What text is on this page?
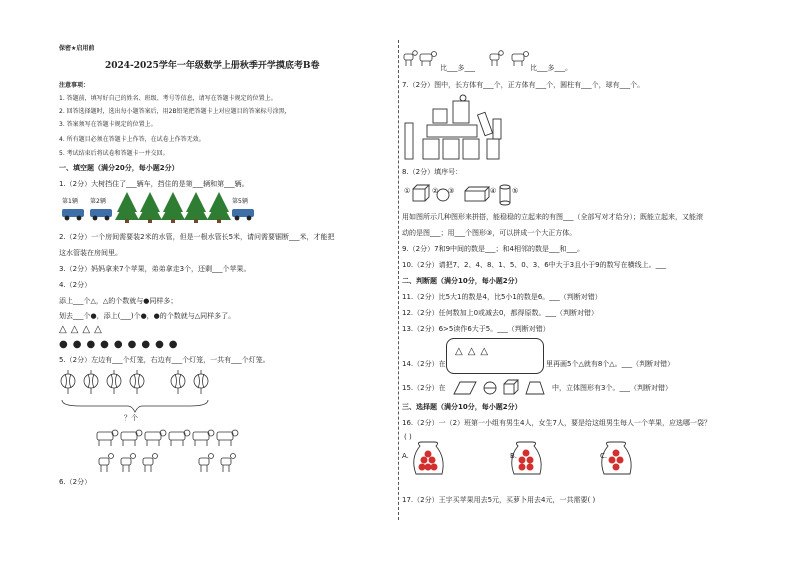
保密★启用前
2024-2025学年一年级数学上册秋季开学摸底考B卷
注意事项：
1. 答题前，填写好自己的姓名、班级、考号等信息，请写在答题卡规定的位置上。
2. 回答选择题时，选出每小题答案后，用2B铅笔把答题卡上对应题目的答案标号涂黑，
3. 答案须写在答题卡规定的位置上。
4. 所有题目必须在答题卡上作答，在试卷上作答无效。
5. 考试结束后将试卷和答题卡一并交回。
一、填空题（满分20分，每小题2分）
1.（2分）大树挡住了___辆车，挡住的是第___辆和第___辆。
第1辆 第2辆	第5辆
2.（2分）一个房间需要装2米的水管，但是一根水管长5米，请问需要锯断___米，才能把
这水管装在房间里。
3.（2分）妈妈拿来7个苹果，弟弟拿走3个，还剩___个苹果。
4.（2分）
添上___个△，△的个数就与●同样多；
划去___个●，添上(___)个●，●的个数就与△同样多了。
△△△△
●●●●●●●●●
5.（2分）左边有___个灯笼，右边有___个灯笼，一共有___个灯笼。
？个
6.（2分）
比___多___	比___多___。
7.（2分）图中，长方体有___个，正方体有___个，圆柱有___个，球有___个。
8.（2分）填序号：
①	② ③	④ ⑤
用如图所示几种图形来拼搭，能稳稳的立起来的有图___（全部写对才给分）；既能立起来，又能滚
动的是图___；用___个图形③，可以拼成一个大正方体。
9.（2分）7和9中间的数是___；和4相邻的数是___和___。
10.（2分）请把7、2、4、8、1、5、0、3、6中大于3且小于9的数写在横线上。___
二、判断题（满分10分，每小题2分）
11.（2分）比5大1的数是4，比5小1的数是6。___（判断对错）
12.（2分）任何数加上0或减去0，都得原数。___（判断对错）
13.（2分）6>5读作6大于5。___（判断对错）
14.（2分）在
△△△
里再画5个△就有8个△。___（判断对错）
15.（2分）在	中，立体图形有3个。___（判断对错）
三、选择题（满分10分，每小题2分）
16.（2分）一（2）班第一小组有男生4人，女生7人，要是给这组男生每人一个苹果，应选哪一袋？
( )
A.	B.	C.
17.（2分）王宇买苹果用去5元，买萝卜用去4元，一共需要( )
